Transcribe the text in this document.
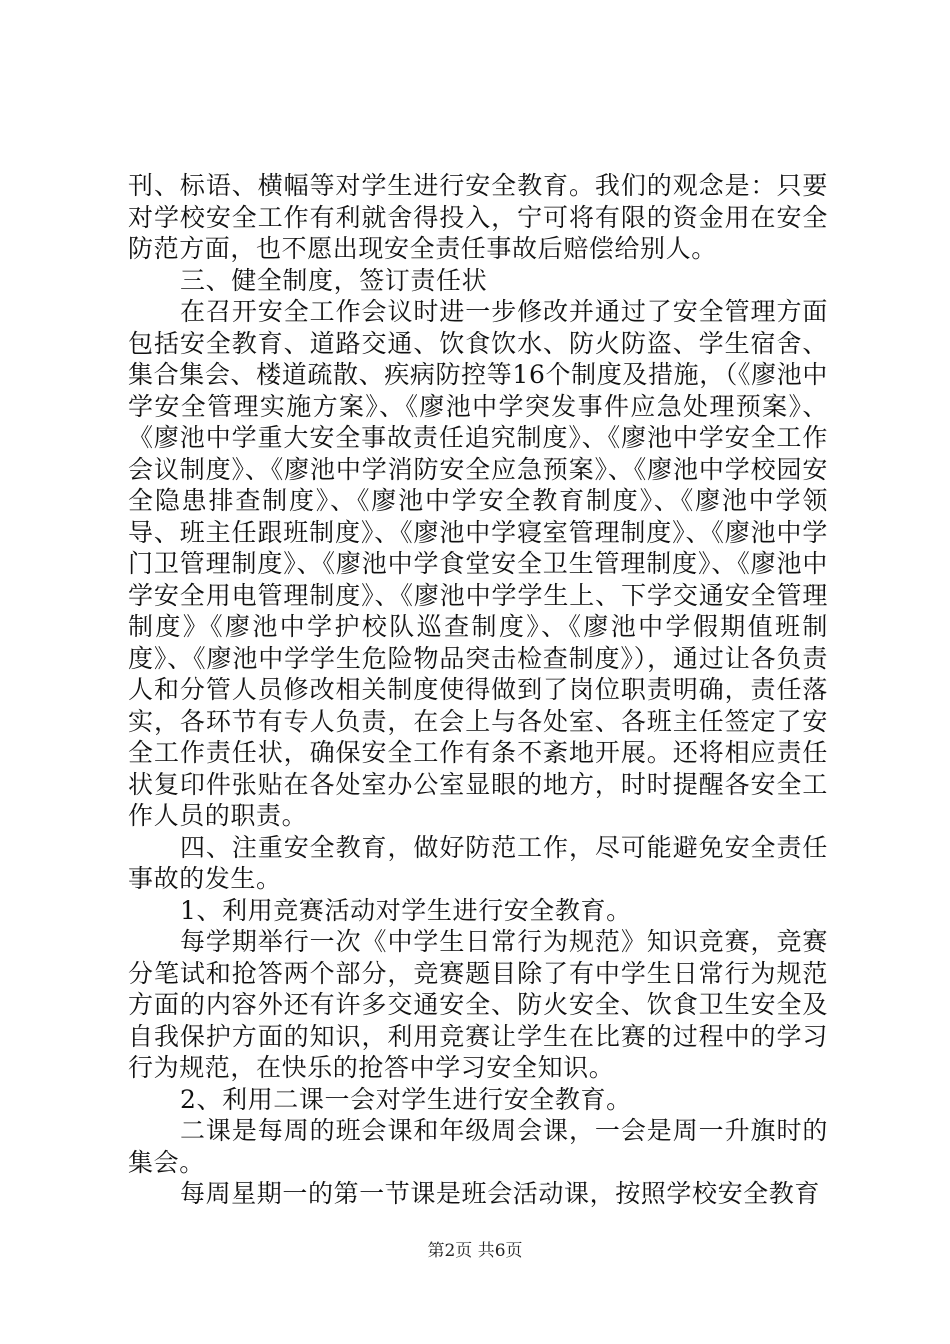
刊、标语、横幅等对学生进行安全教育。我们的观念是：只要对学校安全工作有利就舍得投入，宁可将有限的资金用在安全防范方面，也不愿出现安全责任事故后赔偿给别人。

三、健全制度，签订责任状

在召开安全工作会议时进一步修改并通过了安全管理方面包括安全教育、道路交通、饮食饮水、防火防盗、学生宿舍、集合集会、楼道疏散、疾病防控等16个制度及措施，（《廖池中学安全管理实施方案》、《廖池中学突发事件应急处理预案》、《廖池中学重大安全事故责任追究制度》、《廖池中学安全工作会议制度》、《廖池中学消防安全应急预案》、《廖池中学校园安全隐患排查制度》、《廖池中学安全教育制度》、《廖池中学领导、班主任跟班制度》、《廖池中学寝室管理制度》、《廖池中学门卫管理制度》、《廖池中学食堂安全卫生管理制度》、《廖池中学安全用电管理制度》、《廖池中学学生上、下学交通安全管理制度》《廖池中学护校队巡查制度》、《廖池中学假期值班制度》、《廖池中学学生危险物品突击检查制度》），通过让各负责人和分管人员修改相关制度使得做到了岗位职责明确，责任落实，各环节有专人负责，在会上与各处室、各班主任签定了安全工作责任状，确保安全工作有条不紊地开展。还将相应责任状复印件张贴在各处室办公室显眼的地方，时时提醒各安全工作人员的职责。

四、注重安全教育，做好防范工作，尽可能避免安全责任事故的发生。

1、利用竞赛活动对学生进行安全教育。

每学期举行一次《中学生日常行为规范》知识竞赛，竞赛分笔试和抢答两个部分，竞赛题目除了有中学生日常行为规范方面的内容外还有许多交通安全、防火安全、饮食卫生安全及自我保护方面的知识，利用竞赛让学生在比赛的过程中的学习行为规范，在快乐的抢答中学习安全知识。

2、利用二课一会对学生进行安全教育。

二课是每周的班会课和年级周会课，一会是周一升旗时的集会。

每周星期一的第一节课是班会活动课，按照学校安全教育

第2页 共6页
